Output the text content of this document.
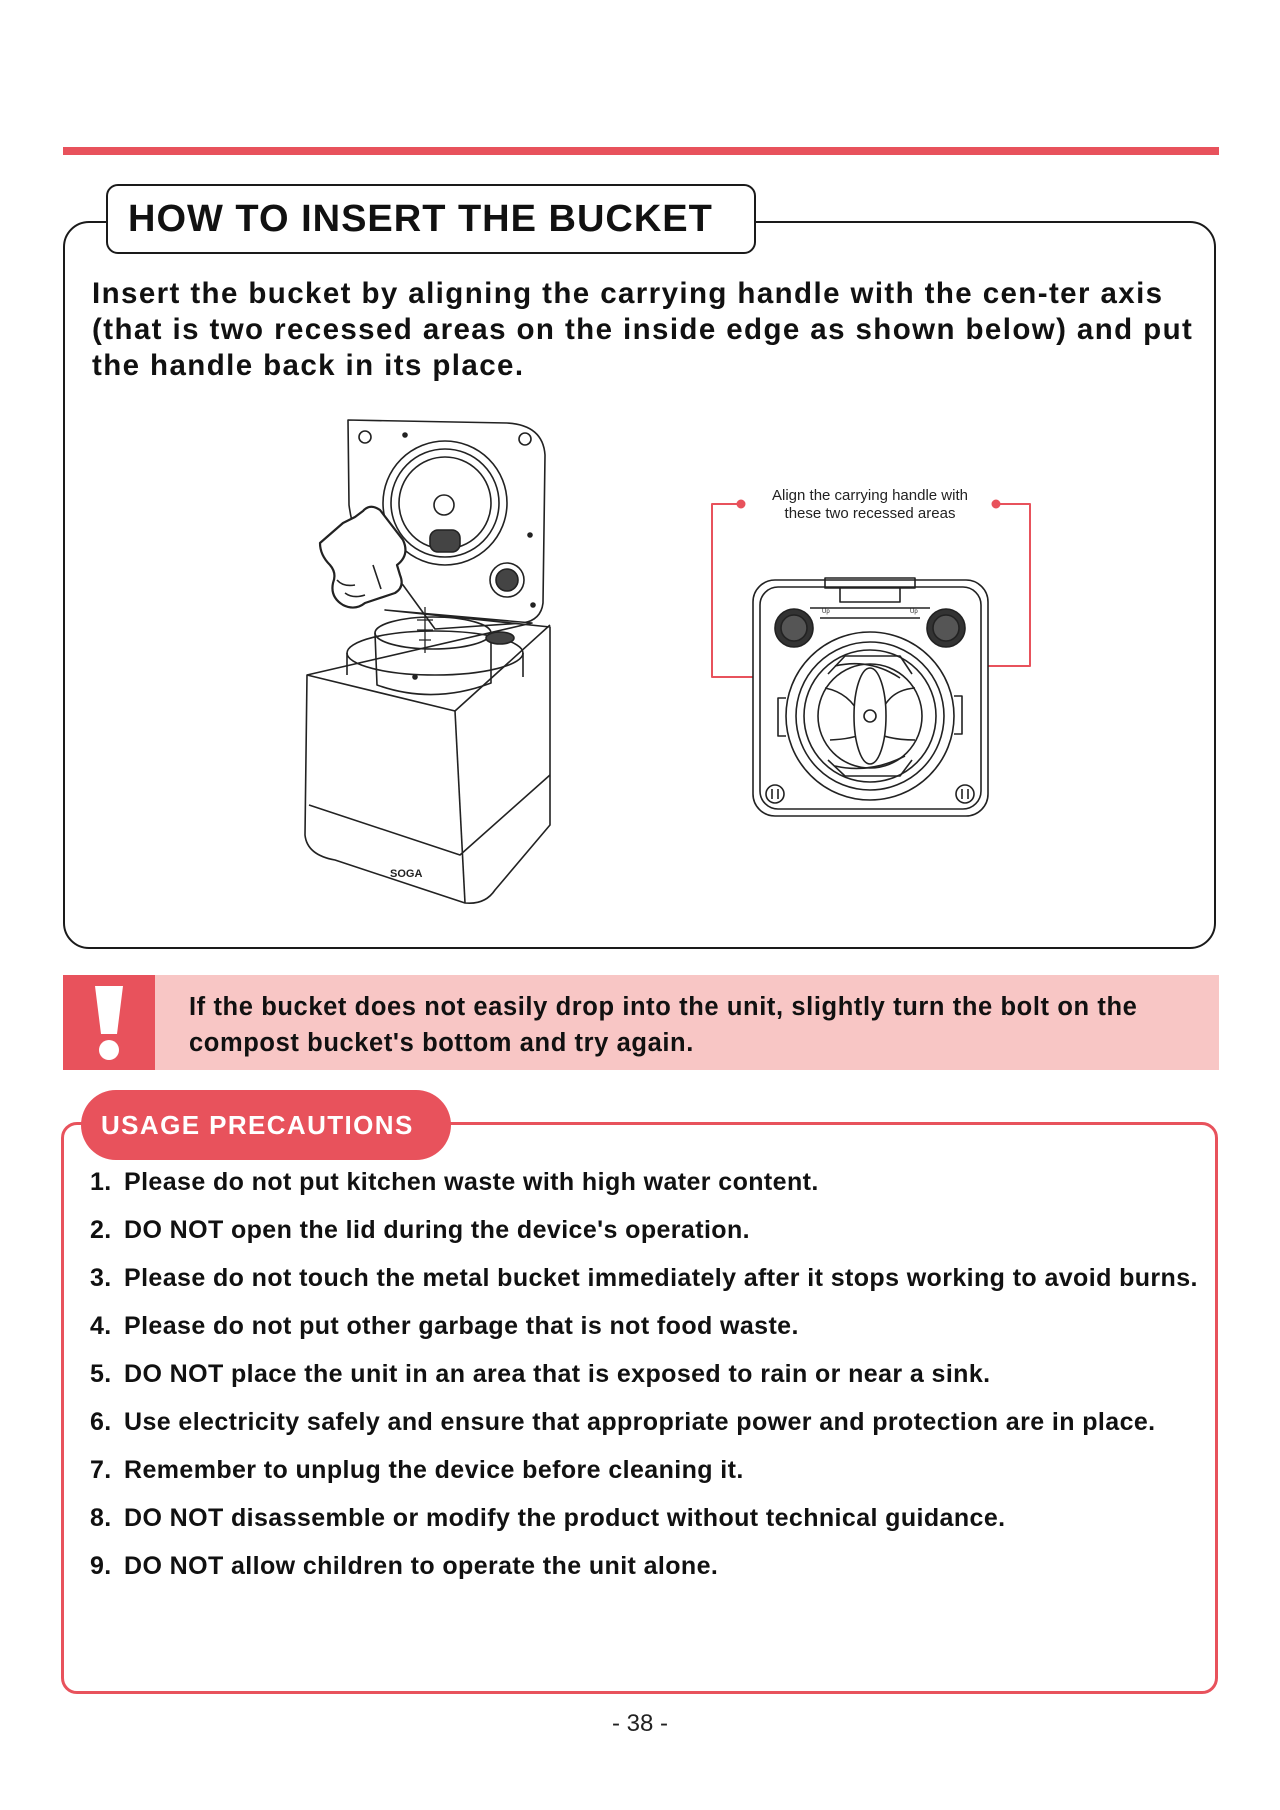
HOW TO INSERT THE BUCKET
Insert the bucket by aligning the carrying handle with the cen-ter axis (that is two recessed areas on the inside edge as shown below) and put the handle back in its place.
SOGA
Up	Up
Align the carrying handle with
these two recessed areas
If the bucket does not easily drop into the unit, slightly turn the bolt on the compost bucket's bottom and try again.
USAGE PRECAUTIONS
1. Please do not put kitchen waste with high water content.
2. DO NOT open the lid during the device's operation.
3. Please do not touch the metal bucket immediately after it stops working to avoid burns.
4. Please do not put other garbage that is not food waste.
5. DO NOT place the unit in an area that is exposed to rain or near a sink.
6. Use electricity safely and ensure that appropriate power and protection are in place.
7. Remember to unplug the device before cleaning it.
8. DO NOT disassemble or modify the product without technical guidance.
9. DO NOT allow children to operate the unit alone.
- 38 -
